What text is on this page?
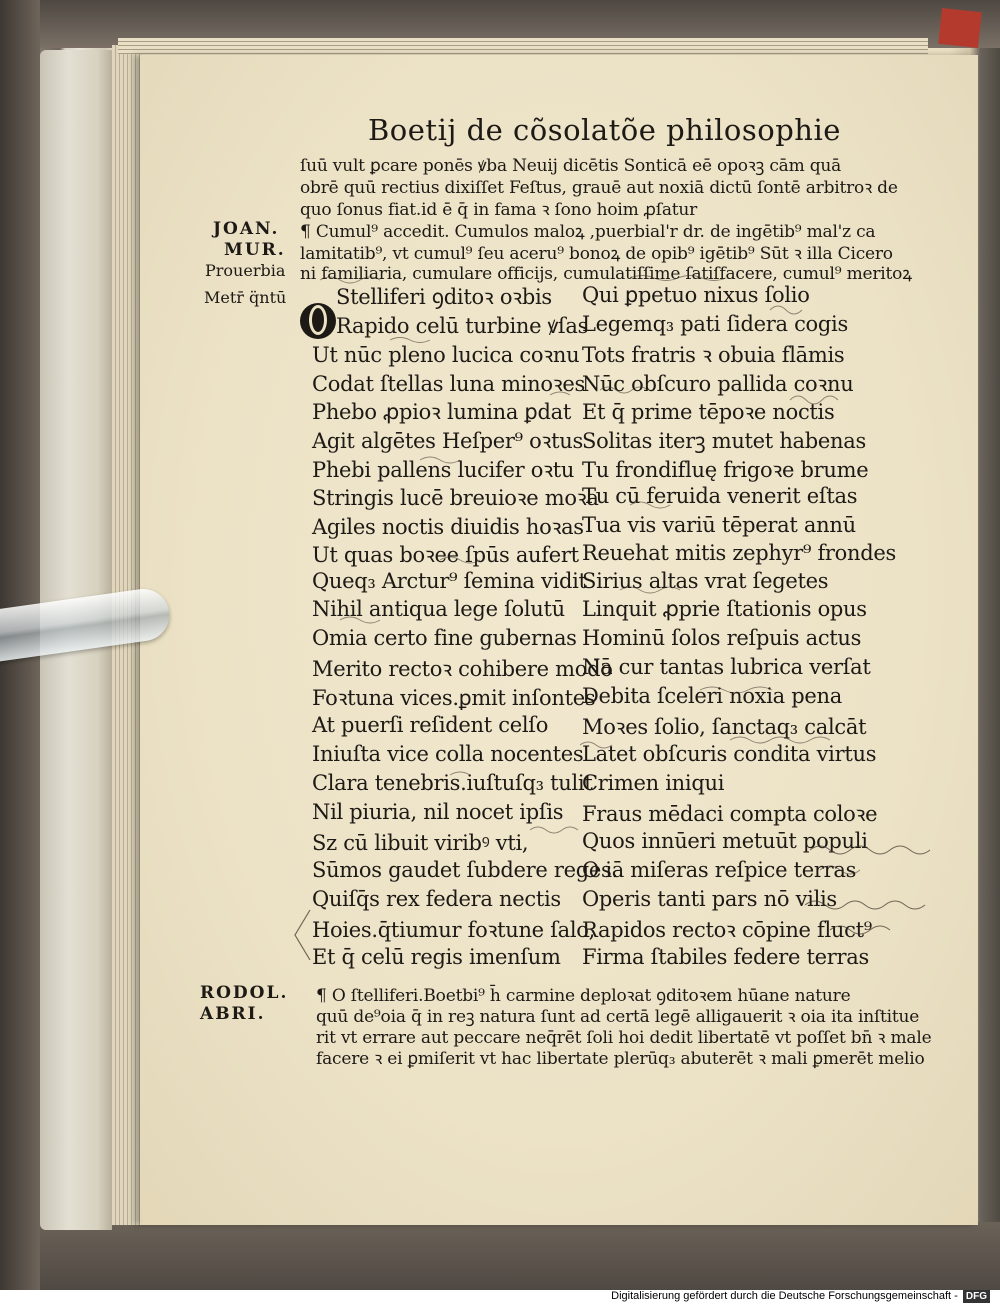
Boetij de cõsolatõe philosophie
ſuū vult ꝑcare ponēs ꝟba Neuij dicētis Sonticā eē opoꝛꝫ cām quā
obrē quū rectius dixiſſet Feſtus, grauē aut noxiā dictū ſontē arbitroꝛ de
quo ſonus fiat.id ē q̄ in fama ꝛ ſono hoim ꝓſatur
¶ Cumul⁹ accedit. Cumulos maloꝝ ,puerbial'r dr. de ingētib⁹ mal'z ca
lamitatib⁹, vt cumul⁹ ſeu aceru⁹ bonoꝝ de opib⁹ igētib⁹ Sūt ꝛ illa Cicero
ni familiaria, cumulare officijs, cumulatiſſime ſatiſfacere, cumul⁹ meritoꝝ
JOAN.
MUR.
Prouerbia
Metr̄ q̈ntū Stelliferi ꝯditoꝛ oꝛbis
Rapido celū turbine ꝟſas
Ut nūc pleno lucica coꝛnu
Codat ſtellas luna minoꝛes
Phebo ꝓpioꝛ lumina ꝑdat
Agit algētes Heſper⁹ oꝛtus
Phebi pallens lucifer oꝛtu
Stringis lucē breuioꝛe moꝛa
Agiles noctis diuidis hoꝛas
Ut quas boꝛee ſpūs aufert
Queq₃ Arctur⁹ ſemina vidit
Nihil antiqua lege ſolutū
Omia certo fine gubernas
Merito rectoꝛ cohibere modo
Foꝛtuna vices.ꝑmit inſontes
At puerſi reſident celſo
Iniuſta vice colla nocentes
Clara tenebris.iuſtuſq₃ tulit
Nil piuria, nil nocet ipſis
Sz cū libuit viribꝰ vti,
Sūmos gaudet ſubdere reges.
Quiſq̄s rex federa nectis
Hoies.q̄tiumur foꝛtune ſalo,
Et q̄ celū regis imenſum
Qui ꝑpetuo nixus ſolio
Legemq₃ pati ſidera cogis
Tots fratris ꝛ obuia flāmis
Nūc obſcuro pallida coꝛnu
Et q̄ prime tēpoꝛe noctis
Solitas iterꝫ mutet habenas
Tu frondifluę frigoꝛe brume
Tu cū feruida venerit eſtas
Tua vis variū tēperat annū
Reuehat mitis zephyr⁹ frondes
Sirius altas vrat ſegetes
Linquit ꝓprie ſtationis opus
Hominū ſolos reſpuis actus
Nā cur tantas lubrica verſat
Debita ſceleri noxia pena
Moꝛes ſolio, ſanctaq₃ calcāt
Latet obſcuris condita virtus
Crimen iniqui
Fraus mēdaci compta coloꝛe
Quos innūeri metuūt populi
O iā miſeras reſpice terras
Operis tanti pars nō vilis
Rapidos rectoꝛ cōpine fluct⁹
Firma ſtabiles federe terras
RODOL.
ABRI.
¶ O ſtelliferi.Boetbi⁹ h̄ carmine deploꝛat ꝯditoꝛem hūane nature
quū de⁹oia q̄ in reꝫ natura ſunt ad certā legē alligauerit ꝛ oia ita inſtitue
rit vt errare aut peccare neq̄rēt ſoli hoi dedit libertatē vt poſſet bn̄ ꝛ male
facere ꝛ ei ꝑmiſerit vt hac libertate plerūq₃ abuterēt ꝛ mali ꝑmerēt melio
Digitalisierung gefördert durch die Deutsche Forschungsgemeinschaft - DFG
